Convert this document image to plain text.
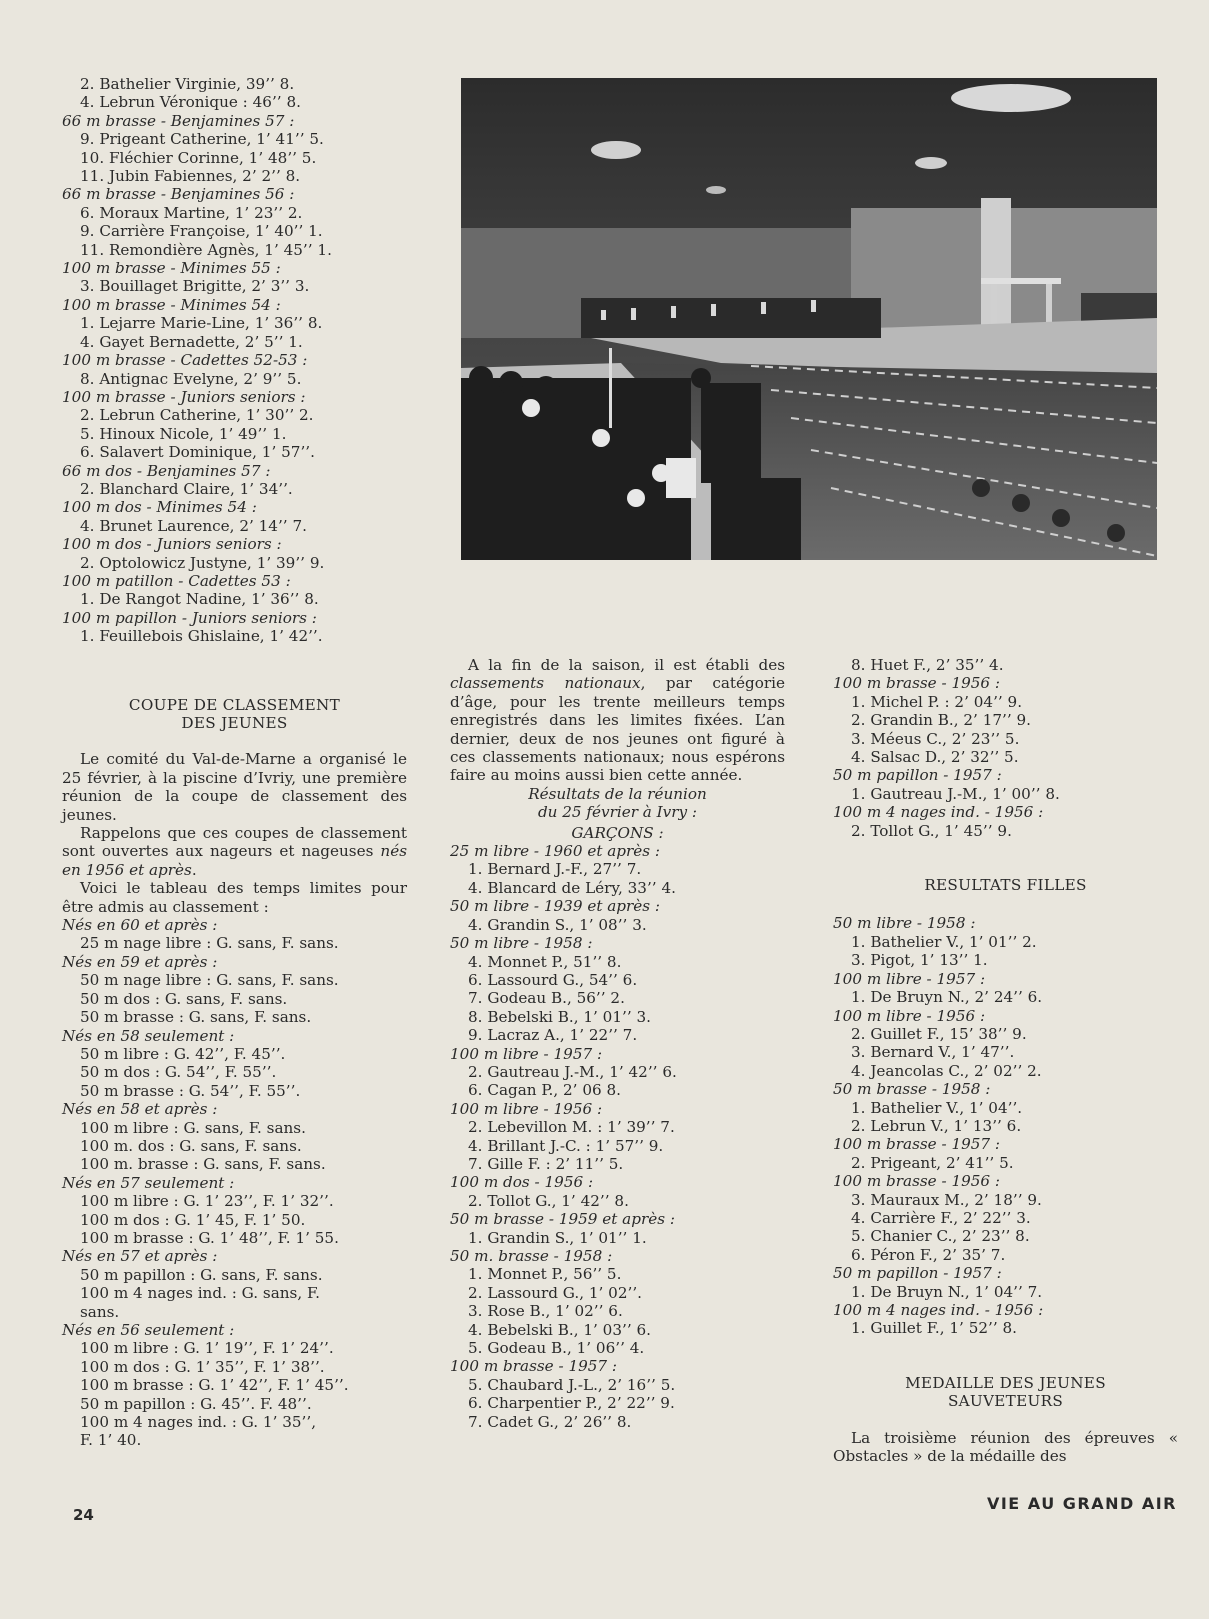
2. Bathelier Virginie, 39’’ 8.
4. Lebrun Véronique : 46’’ 8.
66 m brasse - Benjamines 57 :
9. Prigeant Catherine, 1’ 41’’ 5.
10. Fléchier Corinne, 1’ 48’’ 5.
11. Jubin Fabiennes, 2’ 2’’ 8.
66 m brasse - Benjamines 56 :
6. Moraux Martine, 1’ 23’’ 2.
9. Carrière Françoise, 1’ 40’’ 1.
11. Remondière Agnès, 1’ 45’’ 1.
100 m brasse - Minimes 55 :
3. Bouillaget Brigitte, 2’ 3’’ 3.
100 m brasse - Minimes 54 :
1. Lejarre Marie-Line, 1’ 36’’ 8.
4. Gayet Bernadette, 2’ 5’’ 1.
100 m brasse - Cadettes 52-53 :
8. Antignac Evelyne, 2’ 9’’ 5.
100 m brasse - Juniors seniors :
2. Lebrun Catherine, 1’ 30’’ 2.
5. Hinoux Nicole, 1’ 49’’ 1.
6. Salavert Dominique, 1’ 57’’.
66 m dos - Benjamines 57 :
2. Blanchard Claire, 1’ 34’’.
100 m dos - Minimes 54 :
4. Brunet Laurence, 2’ 14’’ 7.
100 m dos - Juniors seniors :
2. Optolowicz Justyne, 1’ 39’’ 9.
100 m patillon - Cadettes 53 :
1. De Rangot Nadine, 1’ 36’’ 8.
100 m papillon - Juniors seniors :
1. Feuillebois Ghislaine, 1’ 42’’.

COUPE DE CLASSEMENT
DES JEUNES

Le comité du Val-de-Marne a organisé le 25 février, à la piscine d’Ivriy, une première réunion de la coupe de classement des jeunes.

Rappelons que ces coupes de classement sont ouvertes aux nageurs et nageuses nés en 1956 et après.

Voici le tableau des temps limites pour être admis au classement :

Nés en 60 et après :
25 m nage libre : G. sans, F. sans.
Nés en 59 et après :
50 m nage libre : G. sans, F. sans.
50 m dos : G. sans, F. sans.
50 m brasse : G. sans, F. sans.
Nés en 58 seulement :
50 m libre : G. 42’’, F. 45’’.
50 m dos : G. 54’’, F. 55’’.
50 m brasse : G. 54’’, F. 55’’.
Nés en 58 et après :
100 m libre : G. sans, F. sans.
100 m. dos : G. sans, F. sans.
100 m. brasse : G. sans, F. sans.
Nés en 57 seulement :
100 m libre : G. 1’ 23’’, F. 1’ 32’’.
100 m dos : G. 1’ 45, F. 1’ 50.
100 m brasse : G. 1’ 48’’, F. 1’ 55.
Nés en 57 et après :
50 m papillon : G. sans, F. sans.
100 m 4 nages ind. : G. sans, F.
sans.
Nés en 56 seulement :
100 m libre : G. 1’ 19’’, F. 1’ 24’’.
100 m dos : G. 1’ 35’’, F. 1’ 38’’.
100 m brasse : G. 1’ 42’’, F. 1’ 45’’.
50 m papillon : G. 45’’. F. 48’’.
100 m 4 nages ind. : G. 1’ 35’’,
F. 1’ 40.

A la fin de la saison, il est établi des classements nationaux, par catégorie d’âge, pour les trente meilleurs temps enregistrés dans les limites fixées. L’an dernier, deux de nos jeunes ont figuré à ces classements nationaux; nous espérons faire au moins aussi bien cette année.

Résultats de la réunion
du 25 février à Ivry :

GARÇONS :

25 m libre - 1960 et après :
1. Bernard J.-F., 27’’ 7.
4. Blancard de Léry, 33’’ 4.
50 m libre - 1939 et après :
4. Grandin S., 1’ 08’’ 3.
50 m libre - 1958 :
4. Monnet P., 51’’ 8.
6. Lassourd G., 54’’ 6.
7. Godeau B., 56’’ 2.
8. Bebelski B., 1’ 01’’ 3.
9. Lacraz A., 1’ 22’’ 7.
100 m libre - 1957 :
2. Gautreau J.-M., 1’ 42’’ 6.
6. Cagan P., 2’ 06 8.
100 m libre - 1956 :
2. Lebevillon M. : 1’ 39’’ 7.
4. Brillant J.-C. : 1’ 57’’ 9.
7. Gille F. : 2’ 11’’ 5.
100 m dos - 1956 :
2. Tollot G., 1’ 42’’ 8.
50 m brasse - 1959 et après :
1. Grandin S., 1’ 01’’ 1.
50 m. brasse - 1958 :
1. Monnet P., 56’’ 5.
2. Lassourd G., 1’ 02’’.
3. Rose B., 1’ 02’’ 6.
4. Bebelski B., 1’ 03’’ 6.
5. Godeau B., 1’ 06’’ 4.
100 m brasse - 1957 :
5. Chaubard J.-L., 2’ 16’’ 5.
6. Charpentier P., 2’ 22’’ 9.
7. Cadet G., 2’ 26’’ 8.
8. Huet F., 2’ 35’’ 4.
100 m brasse - 1956 :
1. Michel P. : 2’ 04’’ 9.
2. Grandin B., 2’ 17’’ 9.
3. Méeus C., 2’ 23’’ 5.
4. Salsac D., 2’ 32’’ 5.
50 m papillon - 1957 :
1. Gautreau J.-M., 1’ 00’’ 8.
100 m 4 nages ind. - 1956 :
2. Tollot G., 1’ 45’’ 9.

RESULTATS FILLES

50 m libre - 1958 :
1. Bathelier V., 1’ 01’’ 2.
3. Pigot, 1’ 13’’ 1.
100 m libre - 1957 :
1. De Bruyn N., 2’ 24’’ 6.
100 m libre - 1956 :
2. Guillet F., 15’ 38’’ 9.
3. Bernard V., 1’ 47’’.
4. Jeancolas C., 2’ 02’’ 2.
50 m brasse - 1958 :
1. Bathelier V., 1’ 04’’.
2. Lebrun V., 1’ 13’’ 6.
100 m brasse - 1957 :
2. Prigeant, 2’ 41’’ 5.
100 m brasse - 1956 :
3. Mauraux M., 2’ 18’’ 9.
4. Carrière F., 2’ 22’’ 3.
5. Chanier C., 2’ 23’’ 8.
6. Péron F., 2’ 35’ 7.
50 m papillon - 1957 :
1. De Bruyn N., 1’ 04’’ 7.
100 m 4 nages ind. - 1956 :
1. Guillet F., 1’ 52’’ 8.

MEDAILLE DES JEUNES
SAUVETEURS

La troisième réunion des épreuves « Obstacles » de la médaille des

24
VIE AU GRAND AIR
